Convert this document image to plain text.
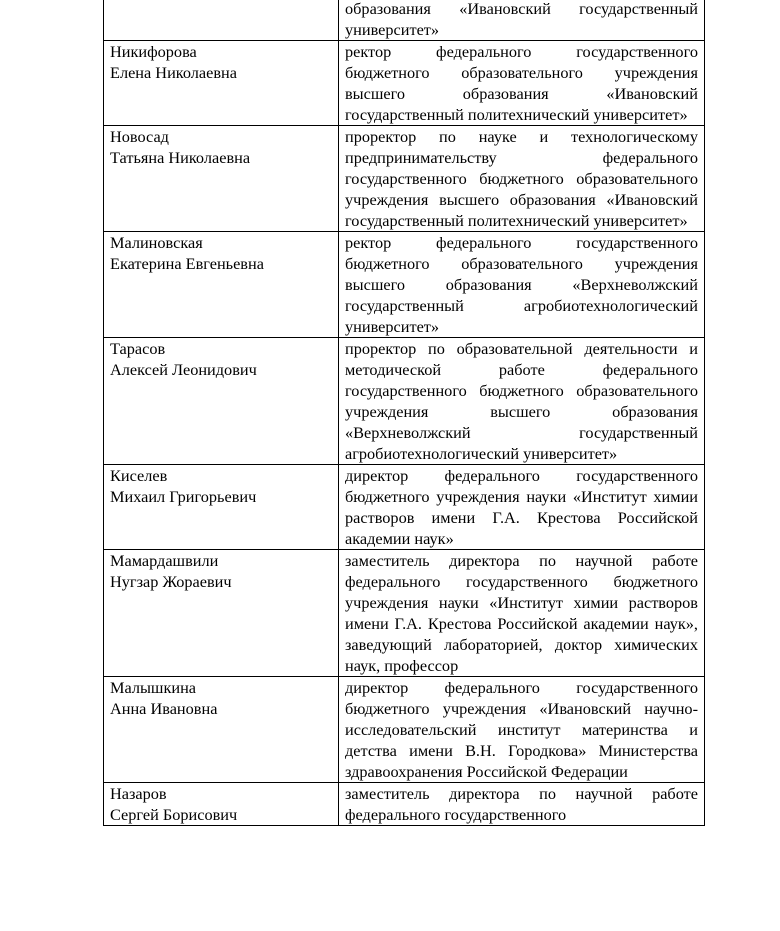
	образования «Ивановский государственный университет»

Никифорова
Елена Николаевна	ректор федерального государственного бюджетного образовательного учреждения высшего образования «Ивановский государственный политехнический университет»

Новосад
Татьяна Николаевна	проректор по науке и технологическому предпринимательству федерального государственного бюджетного образовательного учреждения высшего образования «Ивановский государственный политехнический университет»

Малиновская
Екатерина Евгеньевна	ректор федерального государственного бюджетного образовательного учреждения высшего образования «Верхневолжский государственный агробиотехнологический университет»

Тарасов
Алексей Леонидович	проректор по образовательной деятельности и методической работе федерального государственного бюджетного образовательного учреждения высшего образования «Верхневолжский государственный агробиотехнологический университет»

Киселев
Михаил Григорьевич	директор федерального государственного бюджетного учреждения науки «Институт химии растворов имени Г.А. Крестова Российской академии наук»

Мамардашвили
Нугзар Жораевич	заместитель директора по научной работе федерального государственного бюджетного учреждения науки «Институт химии растворов имени Г.А. Крестова Российской академии наук», заведующий лабораторией, доктор химических наук, профессор

Малышкина
Анна Ивановна	директор федерального государственного бюджетного учреждения «Ивановский научно-исследовательский институт материнства и детства имени В.Н. Городкова» Министерства здравоохранения Российской Федерации

Назаров
Сергей Борисович	заместитель директора по научной работе федерального государственного
